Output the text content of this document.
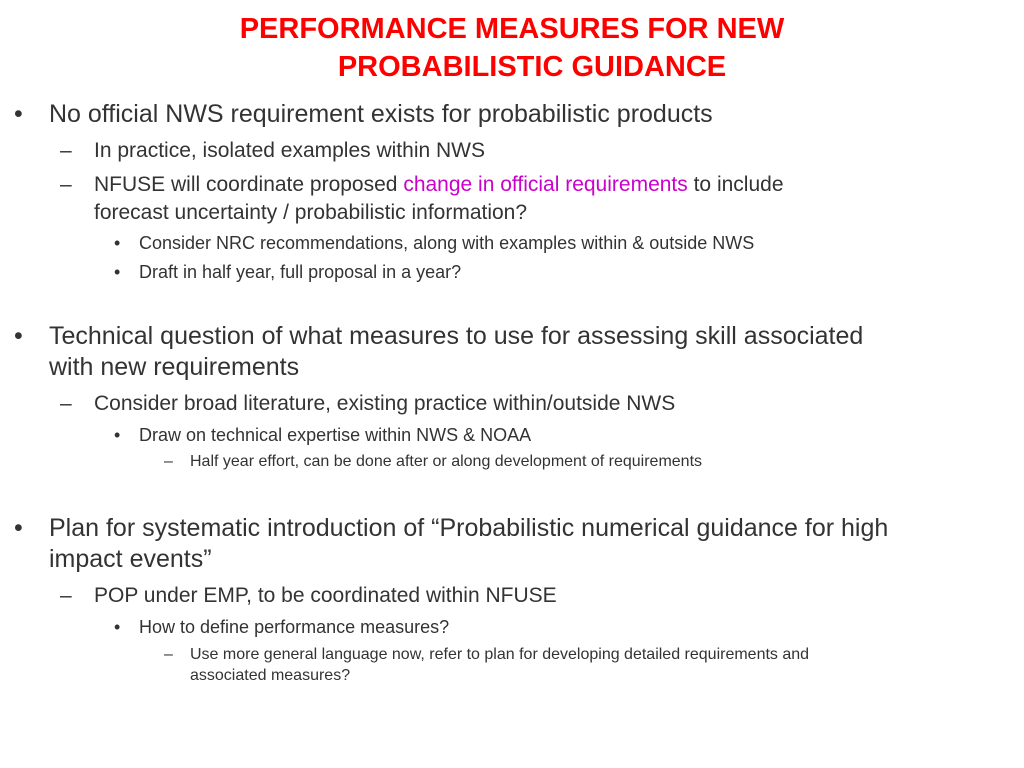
PERFORMANCE MEASURES FOR NEW
PROBABILISTIC GUIDANCE
• No official NWS requirement exists for probabilistic products
– In practice, isolated examples within NWS
– NFUSE will coordinate proposed change in official requirements to include
forecast uncertainty / probabilistic information?
• Consider NRC recommendations, along with examples within & outside NWS
• Draft in half year, full proposal in a year?
• Technical question of what measures to use for assessing skill associated
with new requirements
– Consider broad literature, existing practice within/outside NWS
• Draw on technical expertise within NWS & NOAA
– Half year effort, can be done after or along development of requirements
• Plan for systematic introduction of “Probabilistic numerical guidance for high
impact events”
– POP under EMP, to be coordinated within NFUSE
• How to define performance measures?
– Use more general language now, refer to plan for developing detailed requirements and
associated measures?
